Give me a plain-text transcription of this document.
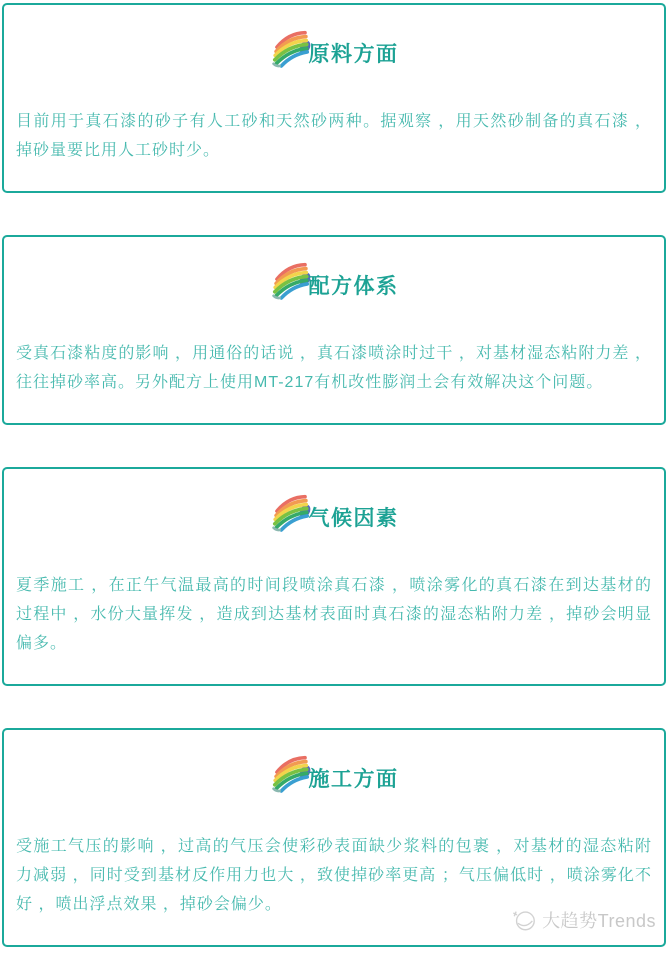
原料方面

目前用于真石漆的砂子有人工砂和天然砂两种。据观察 ，用天然砂制备的真石漆 ，掉砂量要比用人工砂时少。

配方体系

受真石漆粘度的影响 ，用通俗的话说 ，真石漆喷涂时过干 ，对基材湿态粘附力差 ，往往掉砂率高。另外配方上使用MT-217有机改性膨润土会有效解决这个问题。

气候因素

夏季施工 ，在正午气温最高的时间段喷涂真石漆 ，喷涂雾化的真石漆在到达基材的过程中 ，水份大量挥发 ，造成到达基材表面时真石漆的湿态粘附力差 ，掉砂会明显偏多。

施工方面

受施工气压的影响 ，过高的气压会使彩砂表面缺少浆料的包裹 ，对基材的湿态粘附力减弱 ，同时受到基材反作用力也大 ，致使掉砂率更高 ；气压偏低时 ，喷涂雾化不好 ，喷出浮点效果 ，掉砂会偏少。

大趋势Trends
